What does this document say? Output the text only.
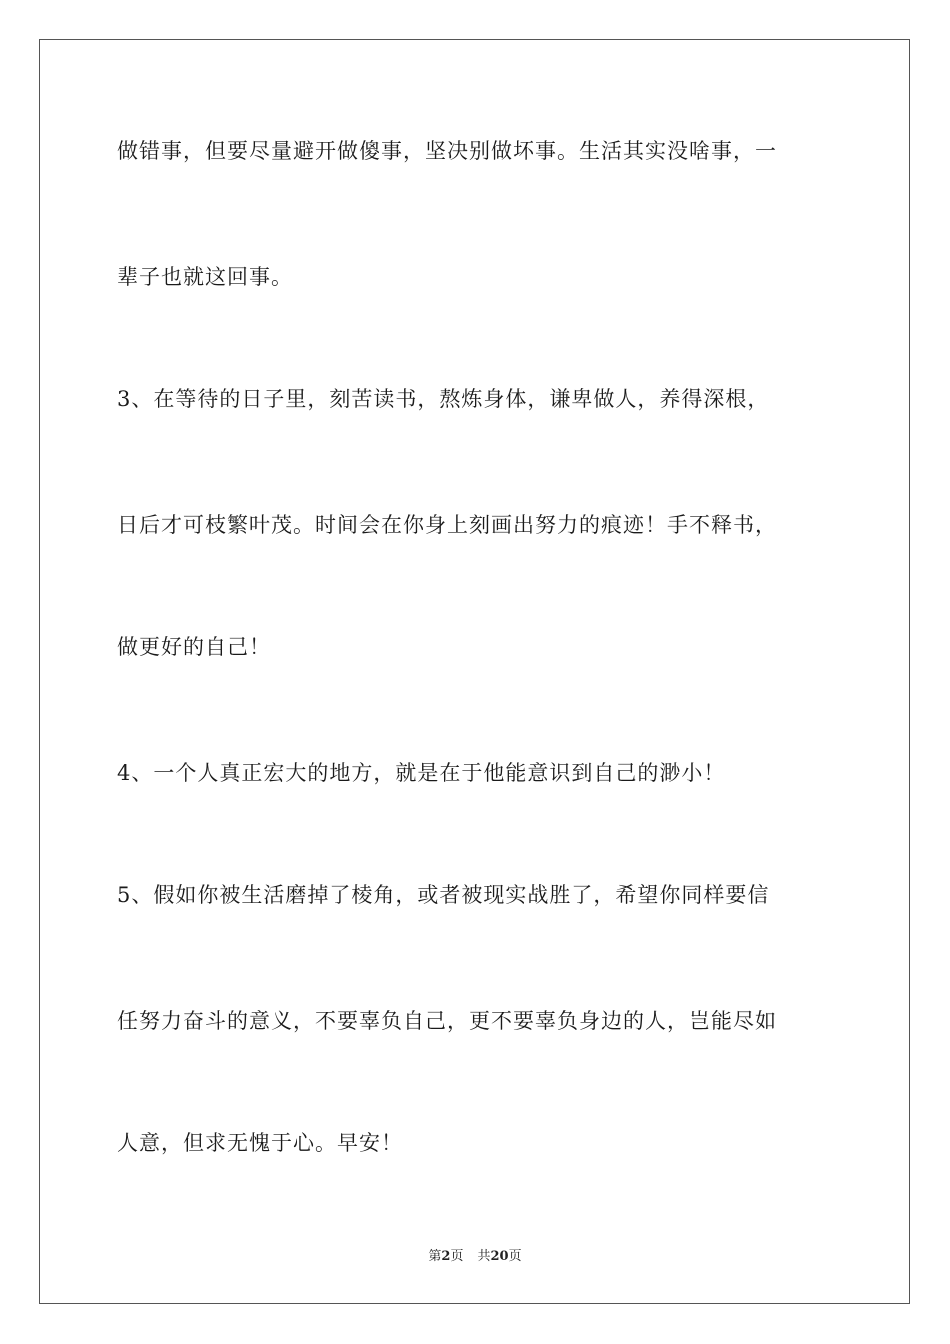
做错事，但要尽量避开做傻事，坚决别做坏事。生活其实没啥事，一

辈子也就这回事。

3、在等待的日子里，刻苦读书，熬炼身体，谦卑做人，养得深根，

日后才可枝繁叶茂。时间会在你身上刻画出努力的痕迹！手不释书，

做更好的自己！

4、一个人真正宏大的地方，就是在于他能意识到自己的渺小！

5、假如你被生活磨掉了棱角，或者被现实战胜了，希望你同样要信

任努力奋斗的意义，不要辜负自己，更不要辜负身边的人，岂能尽如

人意，但求无愧于心。早安！

第2页 共20页
